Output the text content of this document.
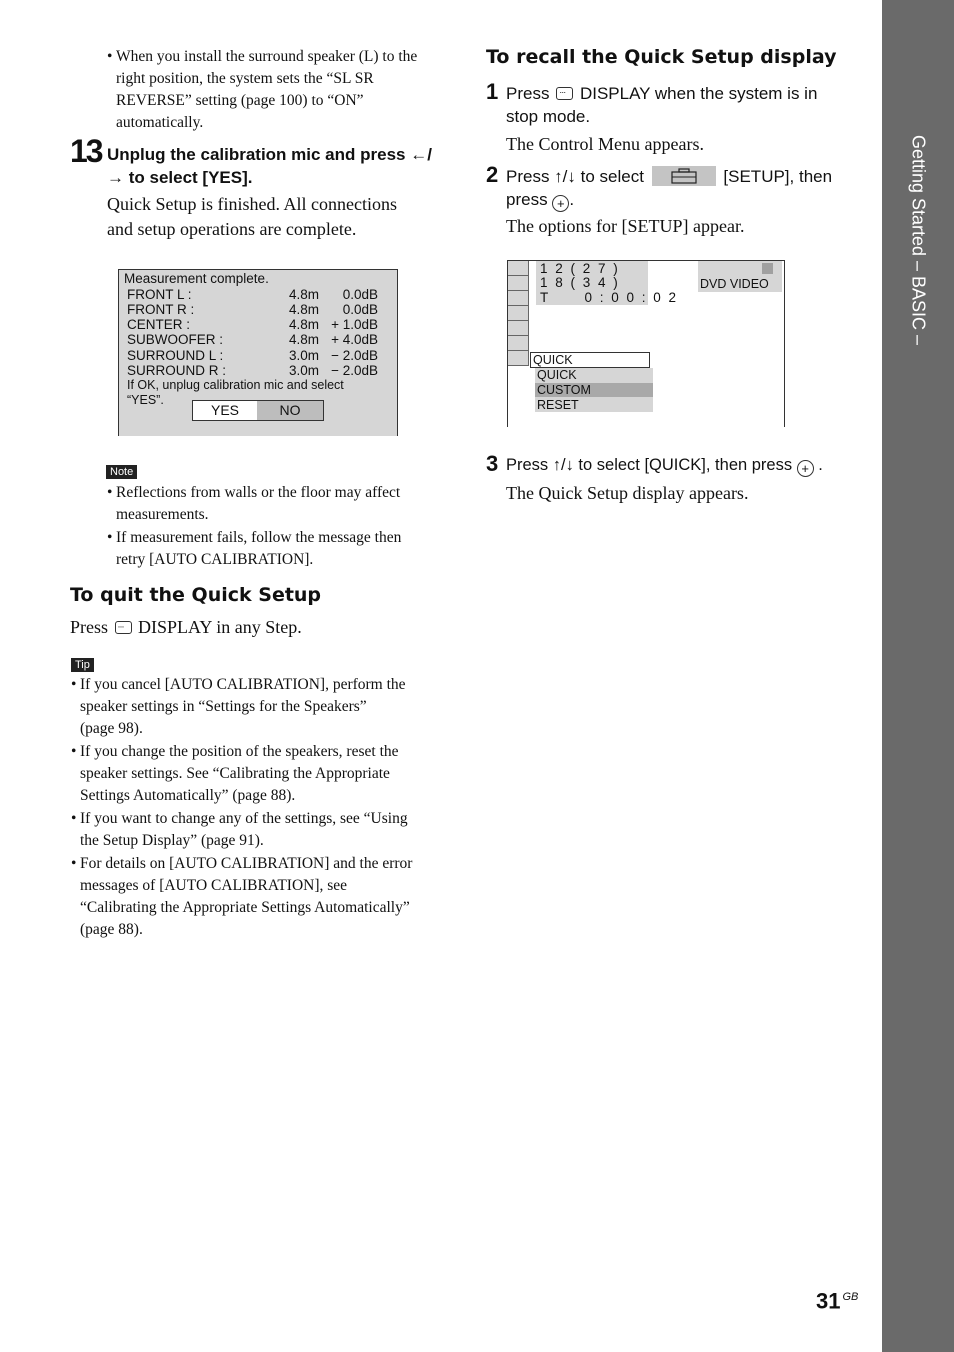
Getting Started – BASIC –
• When you install the surround speaker (L) to the
right position, the system sets the “SL SR
REVERSE” setting (page 100) to “ON”
automatically.
13 Unplug the calibration mic and press ←/
→ to select [YES].
Quick Setup is finished. All connections
and setup operations are complete.
Measurement complete.
FRONT L :	4.8m	0.0dB
FRONT R :	4.8m	0.0dB
CENTER :	4.8m + 1.0dB
SUBWOOFER :	4.8m + 4.0dB
SURROUND L :	3.0m − 2.0dB
SURROUND R :	3.0m − 2.0dB
If OK, unplug calibration mic and select
“YES”.
YES	NO
Note
• Reflections from walls or the floor may affect
measurements.
• If measurement fails, follow the message then
retry [AUTO CALIBRATION].
To quit the Quick Setup
Press ··· DISPLAY in any Step.
Tip
• If you cancel [AUTO CALIBRATION], perform the
speaker settings in “Settings for the Speakers”
(page 98).
• If you change the position of the speakers, reset the
speaker settings. See “Calibrating the Appropriate
Settings Automatically” (page 88).
• If you want to change any of the settings, see “Using
the Setup Display” (page 91).
• For details on [AUTO CALIBRATION] and the error
messages of [AUTO CALIBRATION], see
“Calibrating the Appropriate Settings Automatically”
(page 88).
To recall the Quick Setup display
1 Press ··· DISPLAY when the system is in
stop mode.
The Control Menu appears.
2 Press ↑/↓ to select	[SETUP], then
press + .
The options for [SETUP] appear.
1 2 ( 2 7 )
1 8 ( 3 4 )
T      0 : 0 0 : 0 2
DVD VIDEO
QUICK
QUICK
CUSTOM
RESET
3 Press ↑/↓ to select [QUICK], then press + .
The Quick Setup display appears.
31 $^{GB}$
